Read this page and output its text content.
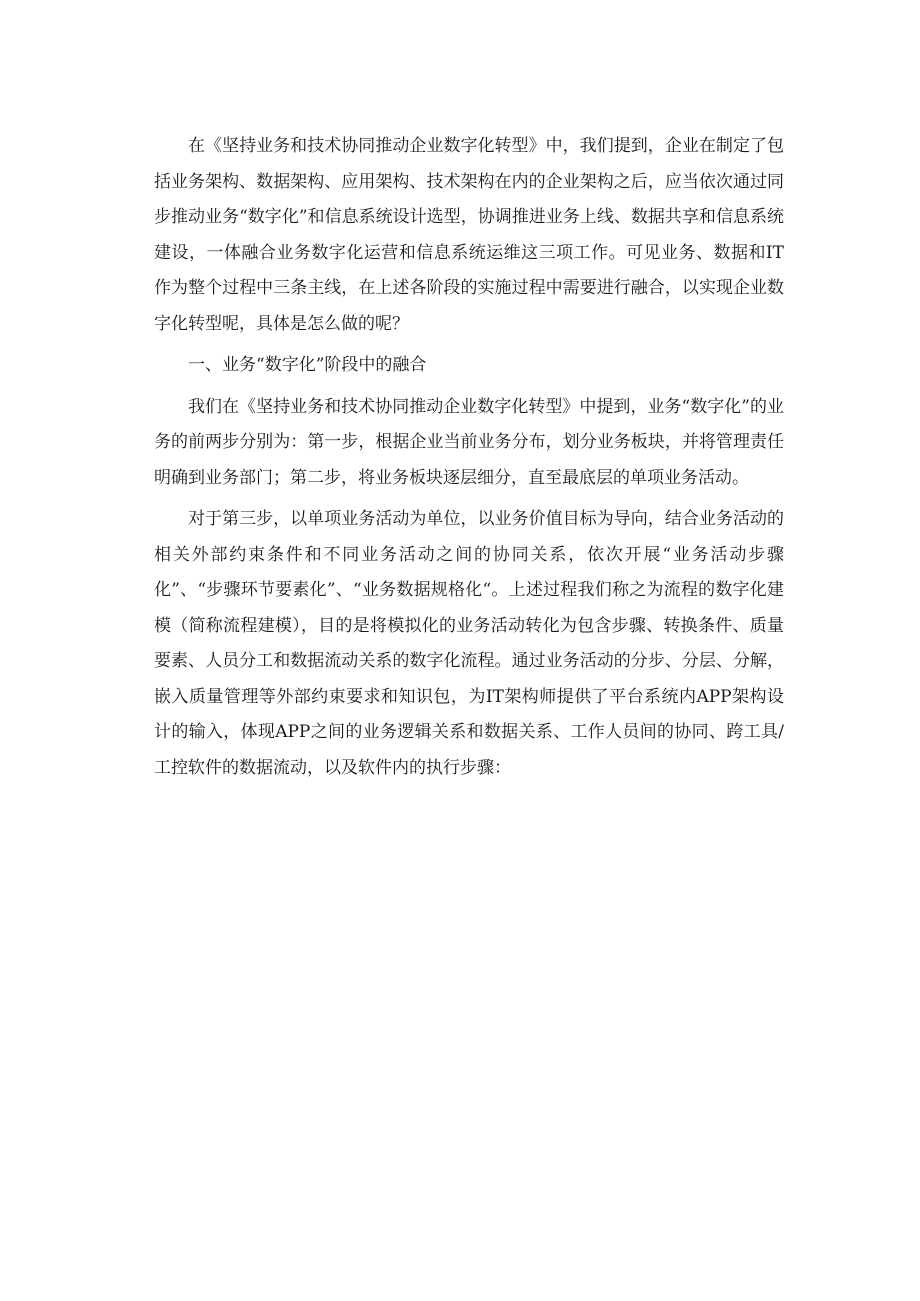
在《坚持业务和技术协同推动企业数字化转型》中，我们提到，企业在制定了包括业务架构、数据架构、应用架构、技术架构在内的企业架构之后，应当依次通过同步推动业务“数字化”和信息系统设计选型，协调推进业务上线、数据共享和信息系统建设，一体融合业务数字化运营和信息系统运维这三项工作。可见业务、数据和IT作为整个过程中三条主线，在上述各阶段的实施过程中需要进行融合，以实现企业数字化转型呢，具体是怎么做的呢？

一、业务“数字化”阶段中的融合

我们在《坚持业务和技术协同推动企业数字化转型》中提到，业务“数字化”的业务的前两步分别为：第一步，根据企业当前业务分布，划分业务板块，并将管理责任明确到业务部门；第二步，将业务板块逐层细分，直至最底层的单项业务活动。

对于第三步，以单项业务活动为单位，以业务价值目标为导向，结合业务活动的相关外部约束条件和不同业务活动之间的协同关系，依次开展“业务活动步骤化”、“步骤环节要素化”、“业务数据规格化“。上述过程我们称之为流程的数字化建模（简称流程建模），目的是将模拟化的业务活动转化为包含步骤、转换条件、质量要素、人员分工和数据流动关系的数字化流程。通过业务活动的分步、分层、分解，嵌入质量管理等外部约束要求和知识包，为IT架构师提供了平台系统内APP架构设计的输入，体现APP之间的业务逻辑关系和数据关系、工作人员间的协同、跨工具/工控软件的数据流动，以及软件内的执行步骤：
